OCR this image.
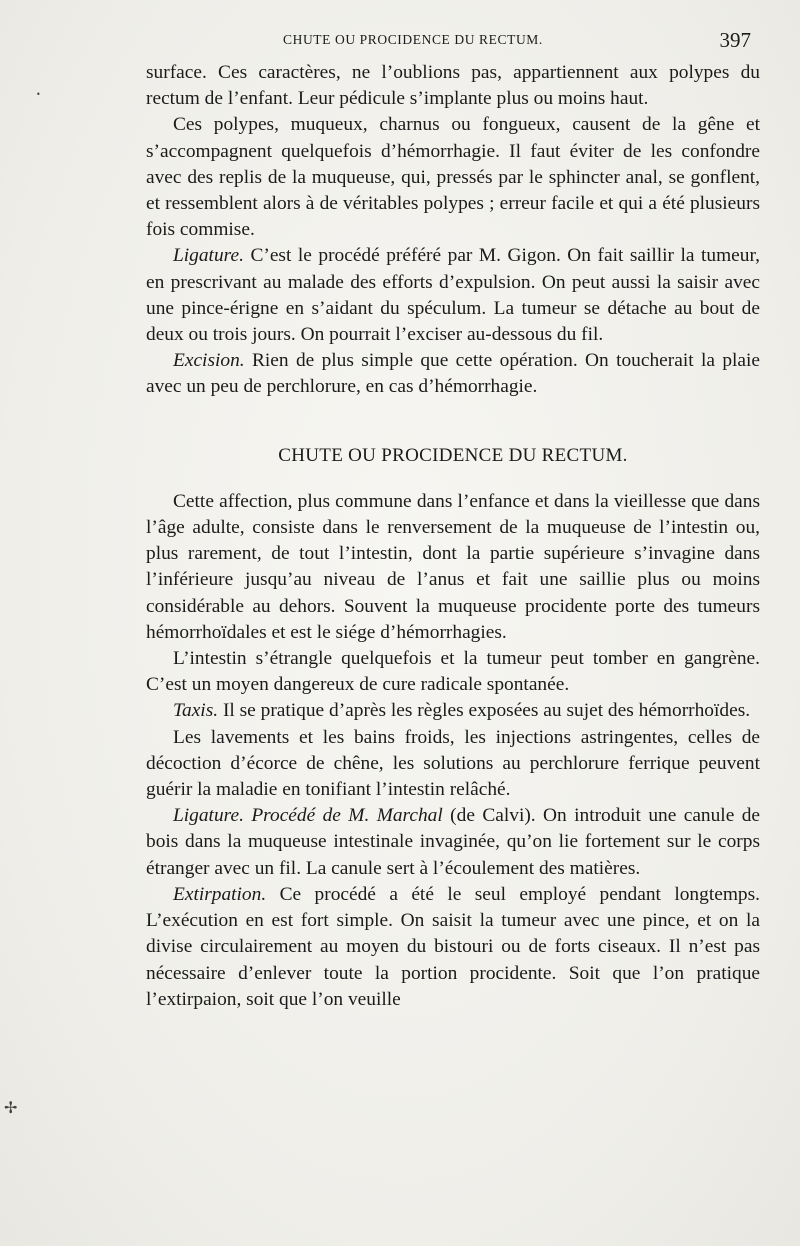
CHUTE OU PROCIDENCE DU RECTUM.	397

surface. Ces caractères, ne l’oublions pas, appartiennent aux polypes du rectum de l’enfant. Leur pédicule s’implante plus ou moins haut.

Ces polypes, muqueux, charnus ou fongueux, causent de la gêne et s’accompagnent quelquefois d’hémorrhagie. Il faut éviter de les confondre avec des replis de la muqueuse, qui, pressés par le sphincter anal, se gonflent, et ressemblent alors à de véritables polypes ; erreur facile et qui a été plusieurs fois commise.

Ligature. C’est le procédé préféré par M. Gigon. On fait saillir la tumeur, en prescrivant au malade des efforts d’expulsion. On peut aussi la saisir avec une pince-érigne en s’aidant du spéculum. La tumeur se détache au bout de deux ou trois jours. On pourrait l’exciser au-dessous du fil.

Excision. Rien de plus simple que cette opération. On toucherait la plaie avec un peu de perchlorure, en cas d’hémorrhagie.

CHUTE OU PROCIDENCE DU RECTUM.

Cette affection, plus commune dans l’enfance et dans la vieillesse que dans l’âge adulte, consiste dans le renversement de la muqueuse de l’intestin ou, plus rarement, de tout l’intestin, dont la partie supérieure s’invagine dans l’inférieure jusqu’au niveau de l’anus et fait une saillie plus ou moins considérable au dehors. Souvent la muqueuse procidente porte des tumeurs hémorrhoïdales et est le siége d’hémorrhagies.

L’intestin s’étrangle quelquefois et la tumeur peut tomber en gangrène. C’est un moyen dangereux de cure radicale spontanée.

Taxis. Il se pratique d’après les règles exposées au sujet des hémorrhoïdes.

Les lavements et les bains froids, les injections astringentes, celles de décoction d’écorce de chêne, les solutions au perchlorure ferrique peuvent guérir la maladie en tonifiant l’intestin relâché.

Ligature. Procédé de M. Marchal (de Calvi). On introduit une canule de bois dans la muqueuse intestinale invaginée, qu’on lie fortement sur le corps étranger avec un fil. La canule sert à l’écoulement des matières.

Extirpation. Ce procédé a été le seul employé pendant longtemps. L’exécution en est fort simple. On saisit la tumeur avec une pince, et on la divise circulairement au moyen du bistouri ou de forts ciseaux. Il n’est pas nécessaire d’enlever toute la portion procidente. Soit que l’on pratique l’extirpaion, soit que l’on veuille

✢
•
